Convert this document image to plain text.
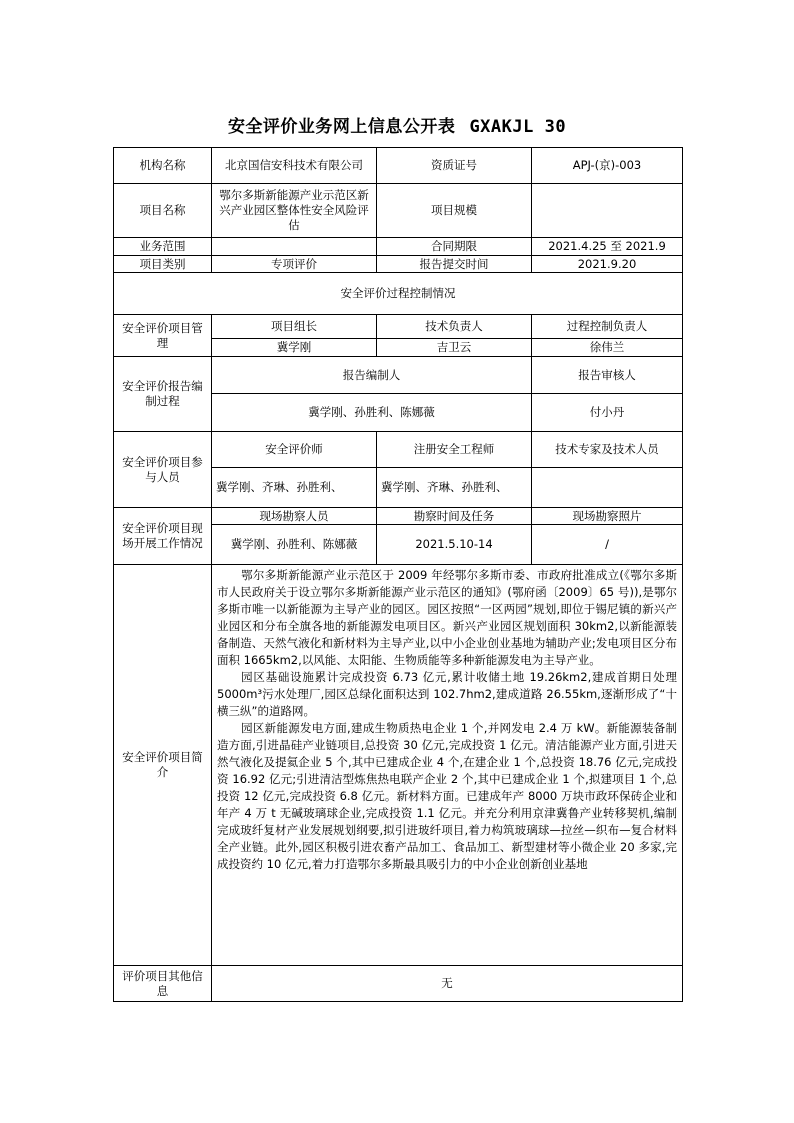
安全评价业务网上信息公开表 GXAKJL 30
机构名称	北京国信安科技术有限公司	资质证号	APJ-(京)-003
项目名称	鄂尔多斯新能源产业示范区新兴产业园区整体性安全风险评估	项目规模	
业务范围		合同期限	2021.4.25 至 2021.9
项目类别	专项评价	报告提交时间	2021.9.20
安全评价过程控制情况			
安全评价项目管理	项目组长	技术负责人	过程控制负责人
	冀学刚	吉卫云	徐伟兰
安全评价报告编制过程	报告编制人		报告审核人
	冀学刚、孙胜利、陈娜薇		付小丹
安全评价项目参与人员	安全评价师	注册安全工程师	技术专家及技术人员
	冀学刚、齐琳、孙胜利、	冀学刚、齐琳、孙胜利、	
安全评价项目现场开展工作情况	现场勘察人员	勘察时间及任务	现场勘察照片
	冀学刚、孙胜利、陈娜薇	2021.5.10-14	/
安全评价项目简介	鄂尔多斯新能源产业示范区于 2009 年经鄂尔多斯市委、市政府批准成立(《鄂尔多斯市人民政府关于设立鄂尔多斯新能源产业示范区的通知》(鄂府函〔2009〕65 号)),是鄂尔多斯市唯一以新能源为主导产业的园区。园区按照“一区两园”规划,即位于锡尼镇的新兴产业园区和分布全旗各地的新能源发电项目区。新兴产业园区规划面积 30km2,以新能源装备制造、天然气液化和新材料为主导产业,以中小企业创业基地为辅助产业;发电项目区分布面积 1665km2,以风能、太阳能、生物质能等多种新能源发电为主导产业。

园区基础设施累计完成投资 6.73 亿元,累计收储土地 19.26km2,建成首期日处理 5000m³污水处理厂,园区总绿化面积达到 102.7hm2,建成道路 26.55km,逐渐形成了“十横三纵”的道路网。

园区新能源发电方面,建成生物质热电企业 1 个,并网发电 2.4 万 kW。新能源装备制造方面,引进晶硅产业链项目,总投资 30 亿元,完成投资 1 亿元。清洁能源产业方面,引进天然气液化及提氦企业 5 个,其中已建成企业 4 个,在建企业 1 个,总投资 18.76 亿元,完成投资 16.92 亿元;引进清洁型炼焦热电联产企业 2 个,其中已建成企业 1 个,拟建项目 1 个,总投资 12 亿元,完成投资 6.8 亿元。新材料方面。已建成年产 8000 万块市政环保砖企业和年产 4 万 t 无碱玻璃球企业,完成投资 1.1 亿元。并充分利用京津冀鲁产业转移契机,编制完成玻纤复材产业发展规划纲要,拟引进玻纤项目,着力构筑玻璃球—拉丝—织布—复合材料全产业链。此外,园区积极引进农畜产品加工、食品加工、新型建材等小微企业 20 多家,完成投资约 10 亿元,着力打造鄂尔多斯最具吸引力的中小企业创新创业基地		

评价项目其他信息	无		
